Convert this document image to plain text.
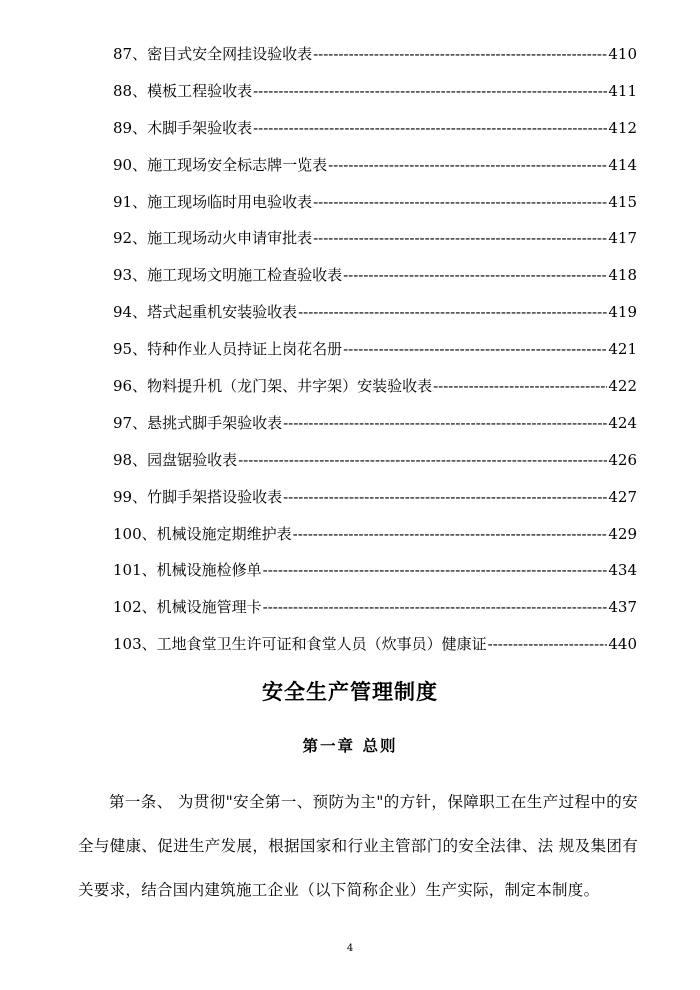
87、密目式安全网挂设验收表 -----	410
88、模板工程验收表 -----	411
89、木脚手架验收表 -----	412
90、施工现场安全标志牌一览表 -----	414
91、施工现场临时用电验收表 -----	415
92、施工现场动火申请审批表 -----	417
93、施工现场文明施工检查验收表 -----	418
94、塔式起重机安装验收表 -----	419
95、特种作业人员持证上岗花名册 -----	421
96、物料提升机（龙门架、井字架）安装验收表 -----	422
97、悬挑式脚手架验收表 -----	424
98、园盘锯验收表 -----	426
99、竹脚手架搭设验收表 -----	427
100、机械设施定期维护表 -----	429
101、机械设施检修单 -----	434
102、机械设施管理卡 -----	437
103、工地食堂卫生许可证和食堂人员（炊事员）健康证 -----	440
安全生产管理制度
第一章 总则
第一条、 为贯彻"安全第一、预防为主"的方针，保障职工在生产过程中的安全与健康、促进生产发展，根据国家和行业主管部门的安全法律、法 规及集团有关要求，结合国内建筑施工企业（以下简称企业）生产实际，制定本制度。
4
